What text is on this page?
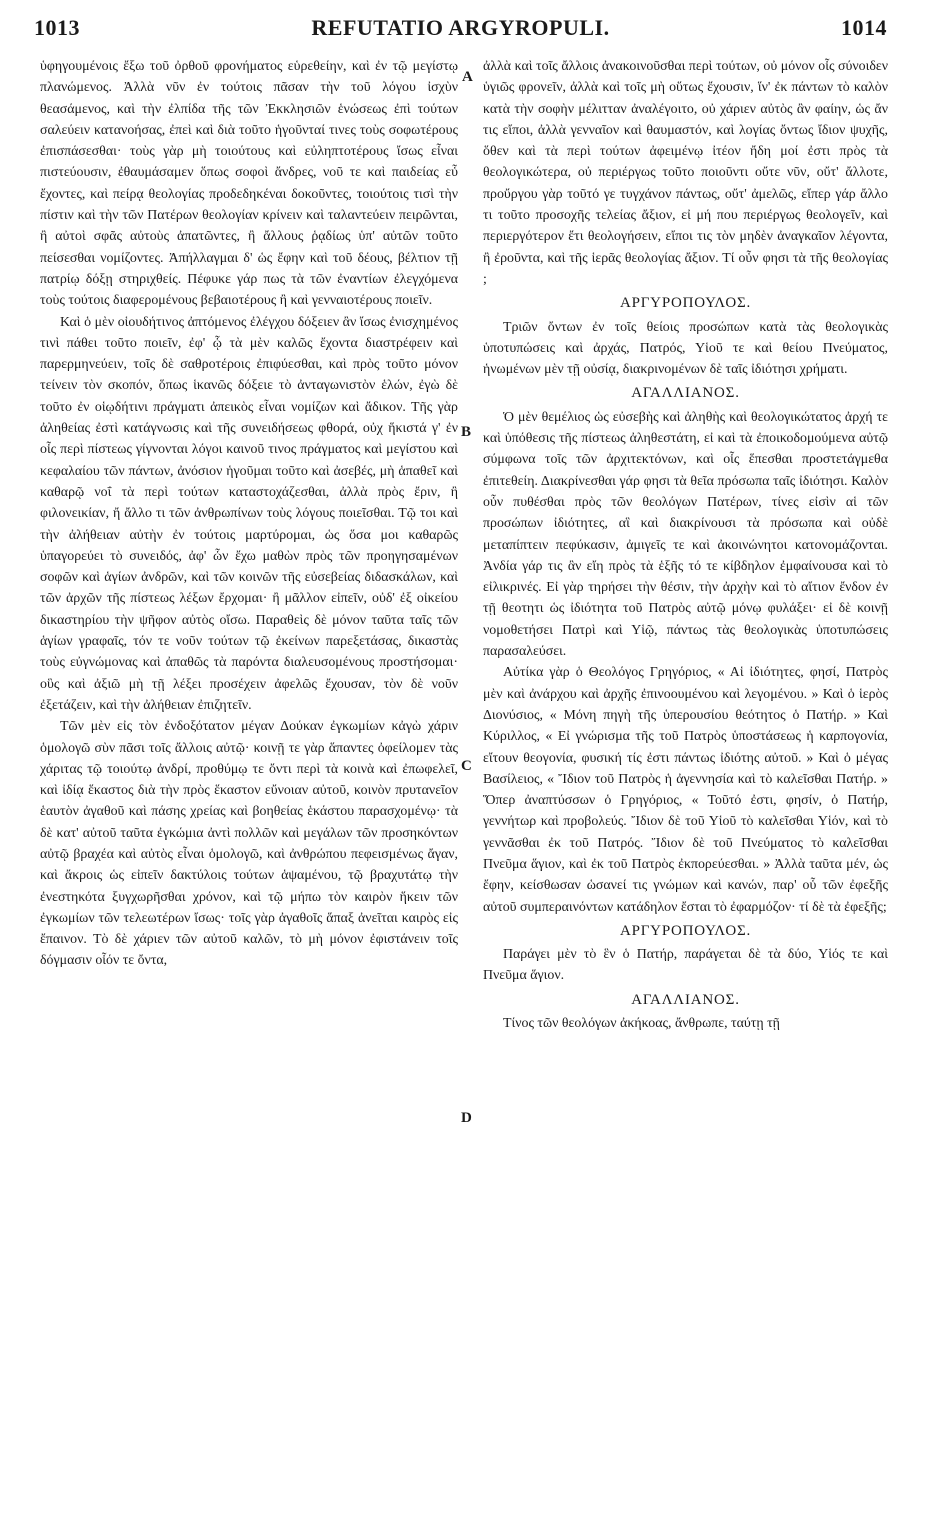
1013	REFUTATIO ARGYROPULI.	1014
A
B
C
D

ὑφηγουμένοις ἔξω τοῦ ὀρθοῦ φρονήματος εὑρεθείην, καὶ ἐν τῷ μεγίστῳ πλανώμενος. Ἀλλὰ νῦν ἐν τούτοις πᾶσαν τὴν τοῦ λόγου ἰσχὺν θεασάμενος, καὶ τὴν ἐλπίδα τῆς τῶν Ἐκκλησιῶν ἑνώσεως ἐπὶ τούτων σαλεύειν κατανοήσας, ἐπεὶ καὶ διὰ τοῦτο ἡγοῦνταί τινες τοὺς σοφωτέρους ἐπισπάσεσθαι· τοὺς γὰρ μὴ τοιούτους καὶ εὐληπτοτέρους ἴσως εἶναι πιστεύουσιν, ἐθαυμάσαμεν ὅπως σοφοὶ ἄνδρες, νοῦ τε καὶ παιδείας εὖ ἔχοντες, καὶ πείρᾳ θεολογίας προδεδηκέναι δοκοῦντες, τοιούτοις τισὶ τὴν πίστιν καὶ τὴν τῶν Πατέρων θεολογίαν κρίνειν καὶ ταλαντεύειν πειρῶνται, ἢ αὐτοὶ σφᾶς αὐτοὺς ἀπατῶντες, ἢ ἄλλους ῥᾳδίως ὑπ' αὐτῶν τοῦτο πείσεσθαι νομίζοντες. Ἀπήλλαγμαι δ' ὡς ἔφην καὶ τοῦ δέους, βέλτιον τῇ πατρίῳ δόξῃ στηριχθείς. Πέφυκε γάρ πως τὰ τῶν ἐναντίων ἐλεγχόμενα τοὺς τούτοις διαφερομένους βεβαιοτέρους ἢ καὶ γενναιοτέρους ποιεῖν.

Καὶ ὁ μὲν οἱουδήτινος ἀπτόμενος ἐλέγχου δόξειεν ἂν ἴσως ἐνισχημένος τινὶ πάθει τοῦτο ποιεῖν, ἐφ' ᾧ τὰ μὲν καλῶς ἔχοντα διαστρέφειν καὶ παρερμηνεύειν, τοῖς δὲ σαθροτέροις ἐπιφύεσθαι, καὶ πρὸς τοῦτο μόνον τείνειν τὸν σκοπόν, ὅπως ἱκανῶς δόξειε τὸ ἀνταγωνιστὸν ἑλών, ἐγὼ δὲ τοῦτο ἐν οἱῳδήτινι πράγματι ἀπεικὸς εἶναι νομίζων καὶ ἄδικον. Τῆς γὰρ ἀληθείας ἐστὶ κατάγνωσις καὶ τῆς συνειδήσεως φθορά, οὐχ ἥκιστά γ' ἐν οἷς περὶ πίστεως γίγνονται λόγοι καινοῦ τινος πράγματος καὶ μεγίστου καὶ κεφαλαίου τῶν πάντων, ἀνόσιον ἡγοῦμαι τοῦτο καὶ ἀσεβές, μὴ ἁπαθεῖ καὶ καθαρῷ νοΐ τὰ περὶ τούτων καταστοχάζεσθαι, ἀλλὰ πρὸς ἔριν, ἢ φιλονεικίαν, ἤ ἄλλο τι τῶν ἀνθρωπίνων τοὺς λόγους ποιεῖσθαι. Τῷ τοι καὶ τὴν ἀλήθειαν αὐτὴν ἐν τούτοις μαρτύρομαι, ὡς ὅσα μοι καθαρῶς ὑπαγορεύει τὸ συνειδός, ἀφ' ὧν ἔχω μαθὼν πρὸς τῶν προηγησαμένων σοφῶν καὶ ἁγίων ἀνδρῶν, καὶ τῶν κοινῶν τῆς εὐσεβείας διδασκάλων, καὶ τῶν ἀρχῶν τῆς πίστεως λέξων ἔρχομαι· ἢ μᾶλλον εἰπεῖν, οὐδ' ἐξ οἰκείου δικαστηρίου τὴν ψῆφον αὐτὸς οἴσω. Παραθεὶς δὲ μόνον ταῦτα ταῖς τῶν ἁγίων γραφαῖς, τόν τε νοῦν τούτων τῷ ἐκείνων παρεξετάσας, δικαστὰς τοὺς εὐγνώμονας καὶ ἀπαθῶς τὰ παρόντα διαλευσομένους προστήσομαι· οὓς καὶ ἀξιῶ μὴ τῇ λέξει προσέχειν ἀφελῶς ἔχουσαν, τὸν δὲ νοῦν ἐξετάζειν, καὶ τὴν ἀλήθειαν ἐπιζητεῖν.

Τῶν μὲν εἰς τὸν ἐνδοξότατον μέγαν Δούκαν ἐγκωμίων κἀγὼ χάριν ὁμολογῶ σὺν πᾶσι τοῖς ἄλλοις αὐτῷ· κοινῇ τε γὰρ ἅπαντες ὀφείλομεν τὰς χάριτας τῷ τοιούτῳ ἀνδρί, προθύμῳ τε ὄντι περὶ τὰ κοινὰ καὶ ἐπωφελεῖ, καὶ ἰδίᾳ ἕκαστος διὰ τὴν πρὸς ἕκαστον εὔνοιαν αὐτοῦ, κοινὸν πρυτανεῖον ἑαυτὸν ἀγαθοῦ καὶ πάσης χρείας καὶ βοηθείας ἑκάστου παρασχομένῳ· τὰ δὲ κατ' αὐτοῦ ταῦτα ἐγκώμια ἀντὶ πολλῶν καὶ μεγάλων τῶν προσηκόντων αὐτῷ βραχέα καὶ αὐτὸς εἶναι ὁμολογῶ, καὶ ἀνθρώπου πεφεισμένως ἄγαν, καὶ ἄκροις ὡς εἰπεῖν δακτύλοις τούτων ἁψαμένου, τῷ βραχυτάτῳ τὴν ἐνεστηκότα ξυγχωρῆσθαι χρόνον, καὶ τῷ μήπω τὸν καιρὸν ἥκειν τῶν ἐγκωμίων τῶν τελεωτέρων ἴσως· τοῖς γὰρ ἀγαθοῖς ἅπαξ ἀνεῖται καιρὸς εἰς ἔπαινον. Τὸ δὲ χάριεν τῶν αὐτοῦ καλῶν, τὸ μὴ μόνον ἐφιστάνειν τοῖς δόγμασιν οἷόν τε ὄντα,

ἀλλὰ καὶ τοῖς ἄλλοις ἀνακοινοῦσθαι περὶ τούτων, οὐ μόνον οἷς σύνοιδεν ὑγιῶς φρονεῖν, ἀλλὰ καὶ τοῖς μὴ οὕτως ἔχουσιν, ἵν' ἐκ πάντων τὸ καλὸν κατὰ τὴν σοφὴν μέλιτταν ἀναλέγοιτο, οὐ χάριεν αὐτὸς ἂν φαίην, ὡς ἄν τις εἴποι, ἀλλὰ γενναῖον καὶ θαυμαστόν, καὶ λογίας ὄντως ἴδιον ψυχῆς, ὅθεν καὶ τὰ περὶ τούτων ἀφειμένῳ ἰτέον ἤδη μοί ἐστι πρὸς τὰ θεολογικώτερα, οὐ περιέργως τοῦτο ποιοῦντι οὔτε νῦν, οὔτ' ἄλλοτε, προὔργου γὰρ τοῦτό γε τυγχάνον πάντως, οὔτ' ἀμελῶς, εἴπερ γάρ ἄλλο τι τοῦτο προσοχῆς τελείας ἄξιον, εἰ μή που περιέργως θεολογεῖν, καὶ περιεργότερον ἔτι θεολογήσειν, εἴποι τις τὸν μηδὲν ἀναγκαῖον λέγοντα, ἢ ἐροῦντα, καὶ τῆς ἱερᾶς θεολογίας ἄξιον. Τί οὖν φησι τὰ τῆς θεολογίας ;

ΑΡΓΥΡΟΠΟΥΛΟΣ.

Τριῶν ὄντων ἐν τοῖς θείοις προσώπων κατὰ τὰς θεολογικὰς ὑποτυπώσεις καὶ ἀρχάς, Πατρός, Υἱοῦ τε καὶ θείου Πνεύματος, ἡνωμένων μὲν τῇ οὐσίᾳ, διακρινομένων δὲ ταῖς ἰδιότησι χρήματι.

ΑΓΑΛΛΙΑΝΟΣ.

Ὁ μὲν θεμέλιος ὡς εὐσεβὴς καὶ ἀληθὴς καὶ θεολογικώτατος ἀρχή τε καὶ ὑπόθεσις τῆς πίστεως ἀληθεστάτη, εἰ καὶ τὰ ἐποικοδομούμενα αὐτῷ σύμφωνα τοῖς τῶν ἀρχιτεκτόνων, καὶ οἷς ἕπεσθαι προστετάγμεθα ἐπιτεθείη. Διακρίνεσθαι γάρ φησι τὰ θεῖα πρόσωπα ταῖς ἰδιότησι. Καλὸν οὖν πυθέσθαι πρὸς τῶν θεολόγων Πατέρων, τίνες εἰσὶν αἱ τῶν προσώπων ἰδιότητες, αἳ καὶ διακρίνουσι τὰ πρόσωπα καὶ οὐδὲ μεταπίπτειν πεφύκασιν, ἀμιγεῖς τε καὶ ἀκοινώνητοι κατονομάζονται. Ἀνδία γάρ τις ἂν εἴη πρὸς τὰ ἑξῆς τό τε κίβδηλον ἐμφαίνουσα καὶ τὸ εἰλικρινές. Εἰ γὰρ τηρήσει τὴν θέσιν, τὴν ἀρχὴν καὶ τὸ αἴτιον ἔνδον ἐν τῇ θεοτητι ὡς ἰδιότητα τοῦ Πατρὸς αὐτῷ μόνῳ φυλάξει· εἰ δὲ κοινῇ νομοθετήσει Πατρὶ καὶ Υἱῷ, πάντως τὰς θεολογικὰς ὑποτυπώσεις παρασαλεύσει.

Αὐτίκα γὰρ ὁ Θεολόγος Γρηγόριος, « Αἱ ἰδιότητες, φησί, Πατρὸς μὲν καὶ ἀνάρχου καὶ ἀρχῆς ἐπινοουμένου καὶ λεγομένου. » Καὶ ὁ ἱερὸς Διονύσιος, « Μόνη πηγὴ τῆς ὑπερουσίου θεότητος ὁ Πατήρ. » Καὶ Κύριλλος, « Εἰ γνώρισμα τῆς τοῦ Πατρὸς ὑποστάσεως ἡ καρπογονία, εἴτουν θεογονία, φυσική τίς ἐστι πάντως ἰδιότης αὐτοῦ. » Καὶ ὁ μέγας Βασίλειος, « Ἴδιον τοῦ Πατρὸς ἡ ἀγεννησία καὶ τὸ καλεῖσθαι Πατήρ. » Ὅπερ ἀναπτύσσων ὁ Γρηγόριος, « Τοῦτό ἐστι, φησίν, ὁ Πατήρ, γεννήτωρ καὶ προβολεύς. Ἴδιον δὲ τοῦ Υἱοῦ τὸ καλεῖσθαι Υἱόν, καὶ τὸ γεννᾶσθαι ἐκ τοῦ Πατρός. Ἴδιον δὲ τοῦ Πνεύματος τὸ καλεῖσθαι Πνεῦμα ἅγιον, καὶ ἐκ τοῦ Πατρὸς ἐκπορεύεσθαι. » Ἀλλὰ ταῦτα μέν, ὡς ἔφην, κείσθωσαν ὡσανεί τις γνώμων καὶ κανών, παρ' οὗ τῶν ἐφεξῆς αὐτοῦ συμπεραινόντων κατάδηλον ἔσται τὸ ἐφαρμόζον· τί δὲ τὰ ἐφεξῆς;

ΑΡΓΥΡΟΠΟΥΛΟΣ.

Παράγει μὲν τὸ ἓν ὁ Πατήρ, παράγεται δὲ τὰ δύο, Υἱός τε καὶ Πνεῦμα ἅγιον.

ΑΓΑΛΛΙΑΝΟΣ.

Τίνος τῶν θεολόγων ἀκήκοας, ἄνθρωπε, ταύτῃ τῇ
